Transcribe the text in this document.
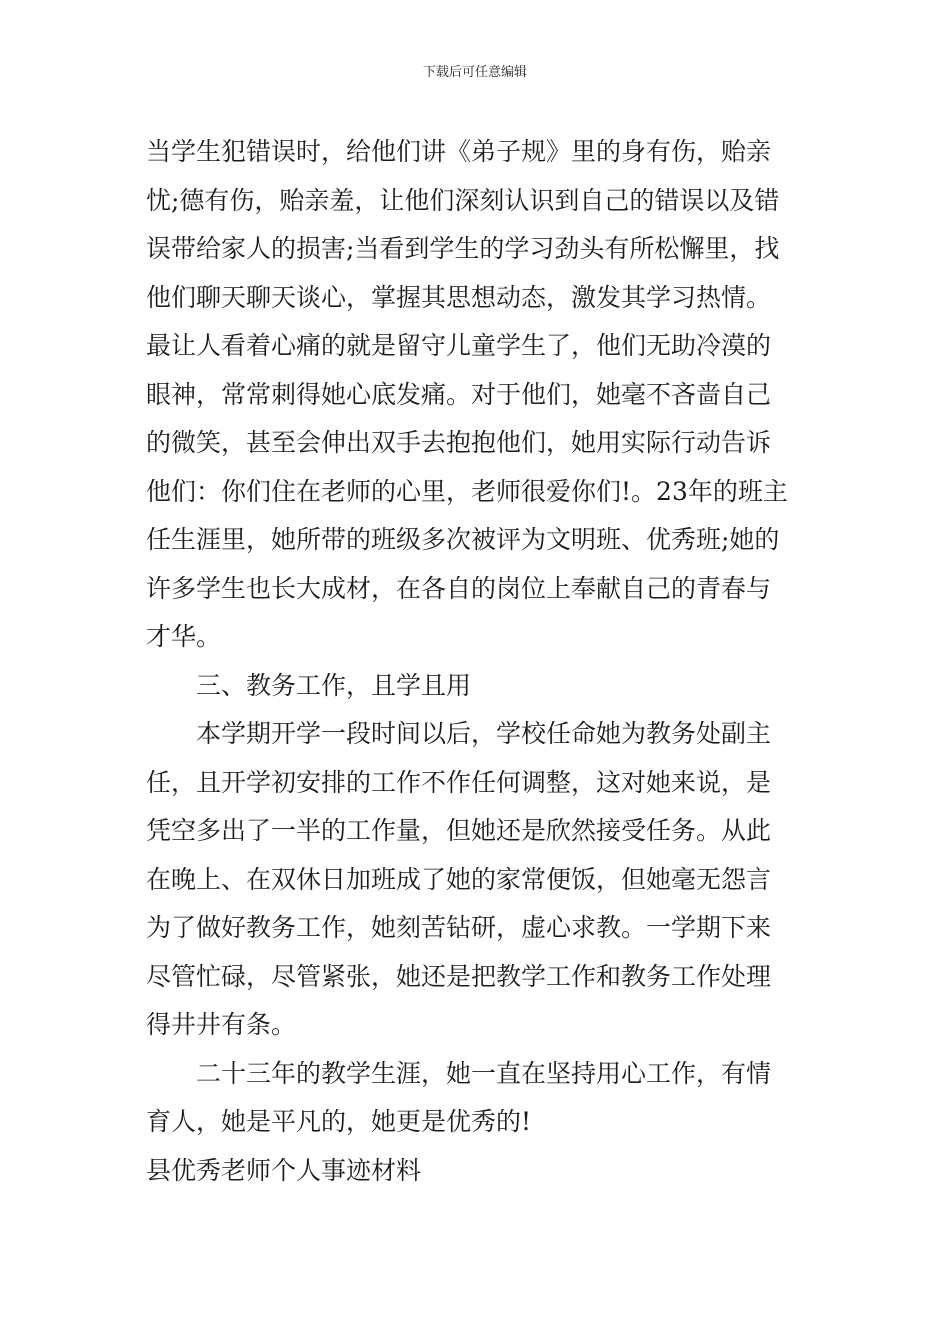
下载后可任意编辑
当学生犯错误时，给他们讲《弟子规》里的身有伤，贻亲
忧;德有伤，贻亲羞，让他们深刻认识到自己的错误以及错
误带给家人的损害;当看到学生的学习劲头有所松懈里，找
他们聊天聊天谈心，掌握其思想动态，激发其学习热情。
最让人看着心痛的就是留守儿童学生了，他们无助冷漠的
眼神，常常刺得她心底发痛。对于他们，她毫不吝啬自己
的微笑，甚至会伸出双手去抱抱他们，她用实际行动告诉
他们：你们住在老师的心里，老师很爱你们!。23年的班主
任生涯里，她所带的班级多次被评为文明班、优秀班;她的
许多学生也长大成材，在各自的岗位上奉献自己的青春与
才华。
三、教务工作，且学且用
本学期开学一段时间以后，学校任命她为教务处副主
任，且开学初安排的工作不作任何调整，这对她来说，是
凭空多出了一半的工作量，但她还是欣然接受任务。从此
在晚上、在双休日加班成了她的家常便饭，但她毫无怨言
为了做好教务工作，她刻苦钻研，虚心求教。一学期下来
尽管忙碌，尽管紧张，她还是把教学工作和教务工作处理
得井井有条。
二十三年的教学生涯，她一直在坚持用心工作，有情
育人，她是平凡的，她更是优秀的!
县优秀老师个人事迹材料
